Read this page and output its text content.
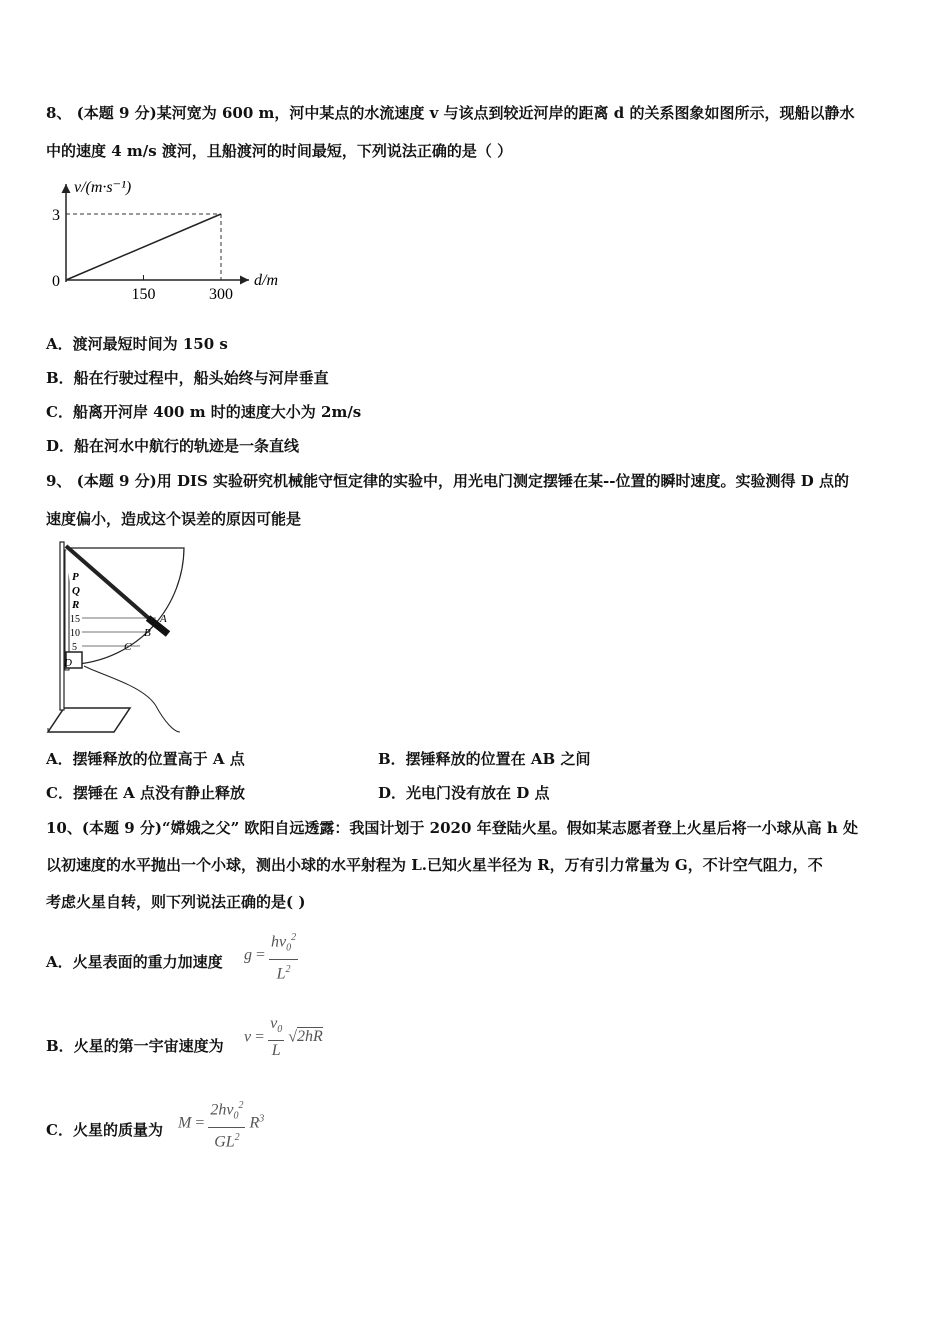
8、 (本题 9 分)某河宽为 600 m，河中某点的水流速度 v 与该点到较近河岸的距离 d 的关系图象如图所示，现船以静水
中的速度 4 m/s 渡河，且船渡河的时间最短，下列说法正确的是（ ）
v/(m·s⁻¹)
d/m
0
3
150	300
A．渡河最短时间为 150 s
B．船在行驶过程中，船头始终与河岸垂直
C．船离开河岸 400 m 时的速度大小为 2m/s
D．船在河水中航行的轨迹是一条直线
9、 (本题 9 分)用 DIS 实验研究机械能守恒定律的实验中，用光电门测定摆锤在某--位置的瞬时速度。实验测得 D 点的
速度偏小，造成这个误差的原因可能是
P
Q
R
15
10
5
A
B
C
D
A．摆锤释放的位置高于 A 点	B．摆锤释放的位置在 AB 之间
C．摆锤在 A 点没有静止释放	D．光电门没有放在 D 点
10、(本题 9 分)“嫦娥之父” 欧阳自远透露：我国计划于 2020 年登陆火星。假如某志愿者登上火星后将一小球从高 h 处
以初速度的水平抛出一个小球，测出小球的水平射程为 L.已知火星半径为 R，万有引力常量为 G，不计空气阻力，不
考虑火星自转，则下列说法正确的是( )
A．火星表面的重力加速度 $g = \frac{hv_0^2}{L^2}$
B．火星的第一宇宙速度为
$v = \frac{v_0}{L} √2hR$
C．火星的质量为 $M = \frac{2hv_0^2}{GL^2} R^3$
